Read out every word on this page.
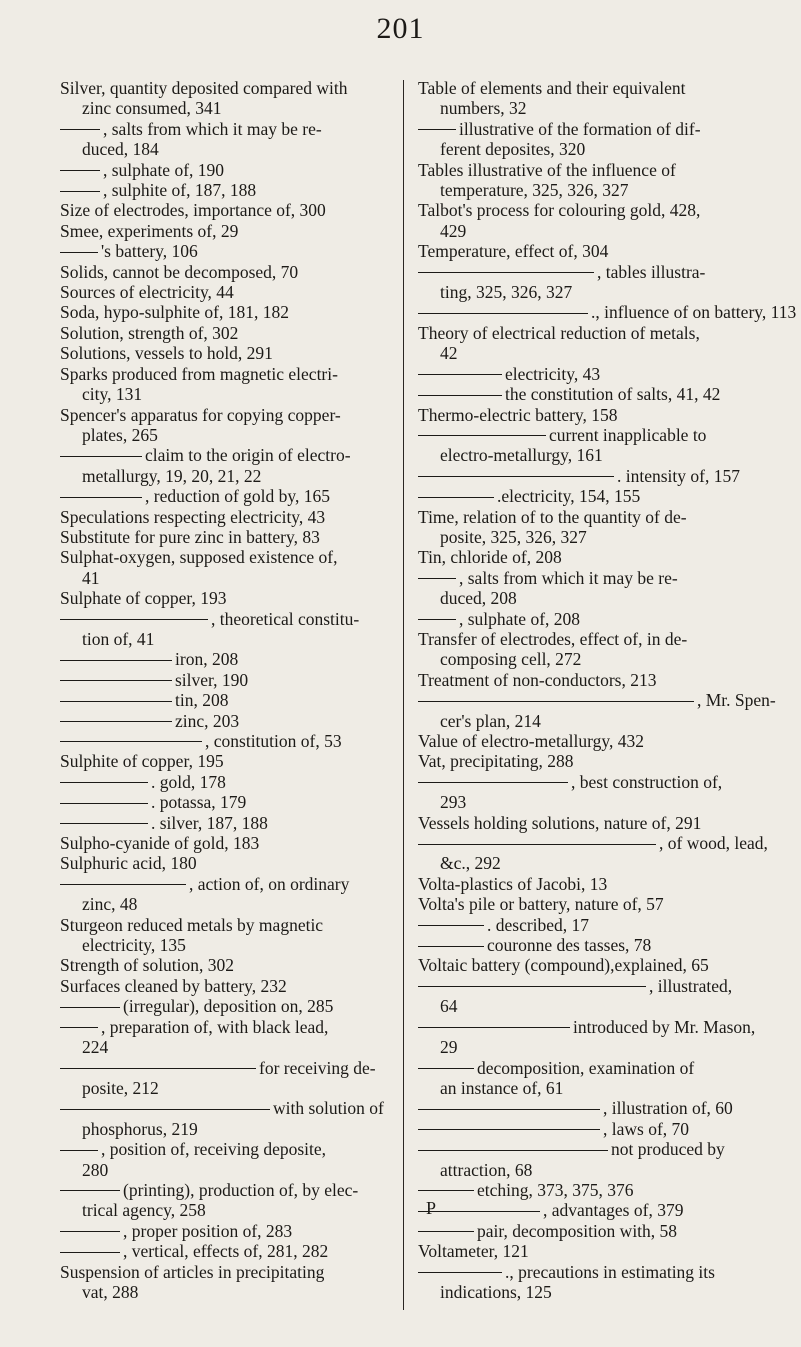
201
Silver, quantity deposited compared with
zinc consumed, 341
, salts from which it may be re-
duced, 184
, sulphate of, 190
, sulphite of, 187, 188
Size of electrodes, importance of, 300
Smee, experiments of, 29
's battery, 106
Solids, cannot be decomposed, 70
Sources of electricity, 44
Soda, hypo-sulphite of, 181, 182
Solution, strength of, 302
Solutions, vessels to hold, 291
Sparks produced from magnetic electri-
city, 131
Spencer's apparatus for copying copper-
plates, 265
claim to the origin of electro-
metallurgy, 19, 20, 21, 22
, reduction of gold by, 165
Speculations respecting electricity, 43
Substitute for pure zinc in battery, 83
Sulphat-oxygen, supposed existence of,
41
Sulphate of copper, 193
, theoretical constitu-
tion of, 41
iron, 208
silver, 190
tin, 208
zinc, 203
, constitution of, 53
Sulphite of copper, 195
. gold, 178
. potassa, 179
. silver, 187, 188
Sulpho-cyanide of gold, 183
Sulphuric acid, 180
, action of, on ordinary
zinc, 48
Sturgeon reduced metals by magnetic
electricity, 135
Strength of solution, 302
Surfaces cleaned by battery, 232
(irregular), deposition on, 285
, preparation of, with black lead,
224
for receiving de-
posite, 212
with solution of
phosphorus, 219
, position of, receiving deposite,
280
(printing), production of, by elec-
trical agency, 258
, proper position of, 283
, vertical, effects of, 281, 282
Suspension of articles in precipitating
vat, 288
Table of elements and their equivalent
numbers, 32
illustrative of the formation of dif-
ferent deposites, 320
Tables illustrative of the influence of
temperature, 325, 326, 327
Talbot's process for colouring gold, 428,
429
Temperature, effect of, 304
, tables illustra-
ting, 325, 326, 327
., influence of on battery, 113
Theory of electrical reduction of metals,
42
electricity, 43
the constitution of salts, 41, 42
Thermo-electric battery, 158
current inapplicable to
electro-metallurgy, 161
. intensity of, 157
.electricity, 154, 155
Time, relation of to the quantity of de-
posite, 325, 326, 327
Tin, chloride of, 208
, salts from which it may be re-
duced, 208
, sulphate of, 208
Transfer of electrodes, effect of, in de-
composing cell, 272
Treatment of non-conductors, 213
, Mr. Spen-
cer's plan, 214
Value of electro-metallurgy, 432
Vat, precipitating, 288
, best construction of,
293
Vessels holding solutions, nature of, 291
, of wood, lead,
&c., 292
Volta-plastics of Jacobi, 13
Volta's pile or battery, nature of, 57
. described, 17
couronne des tasses, 78
Voltaic battery (compound),explained, 65
, illustrated,
64
introduced by Mr. Mason,
29
decomposition, examination of
an instance of, 61
, illustration of, 60
, laws of, 70
not produced by
attraction, 68
etching, 373, 375, 376
, advantages of, 379
pair, decomposition with, 58
Voltameter, 121
., precautions in estimating its
indications, 125
P
